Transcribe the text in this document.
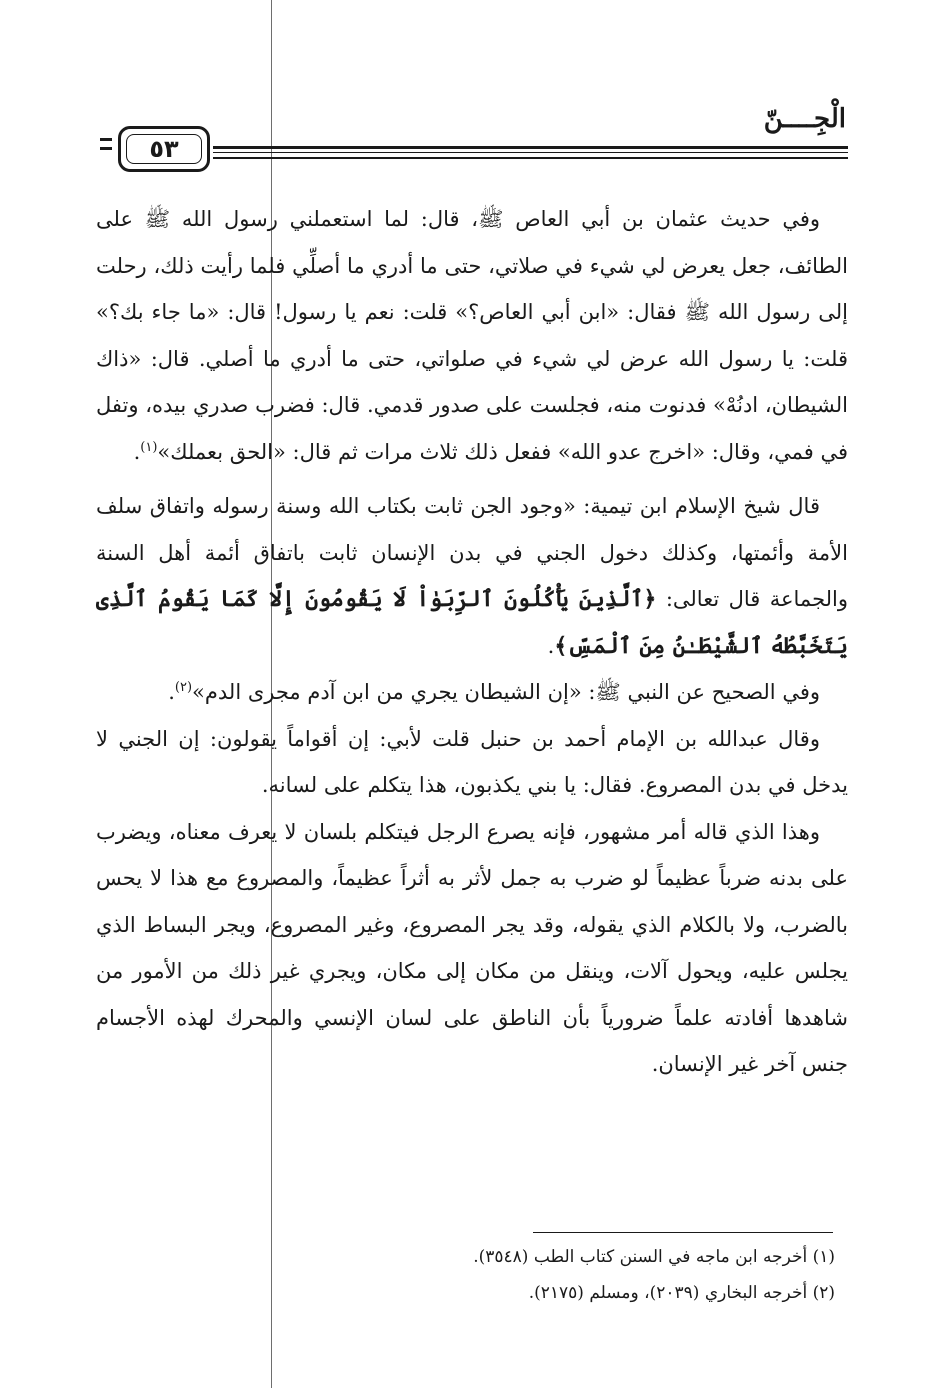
٥٣
الْجِــــنّ

وفي حديث عثمان بن أبي العاص ﷺ، قال: لما استعملني رسول الله ﷺ على الطائف، جعل يعرض لي شيء في صلاتي، حتى ما أدري ما أصلِّي فلما رأيت ذلك، رحلت إلى رسول الله ﷺ فقال: «ابن أبي العاص؟» قلت: نعم يا رسول! قال: «ما جاء بك؟» قلت: يا رسول الله عرض لي شيء في صلواتي، حتى ما أدري ما أصلي. قال: «ذاك الشيطان، ادنُهْ» فدنوت منه، فجلست على صدور قدمي. قال: فضرب صدري بيده، وتفل في فمي، وقال: «اخرج عدو الله» ففعل ذلك ثلاث مرات ثم قال: «الحق بعملك»$^{(١)}$.

قال شيخ الإسلام ابن تيمية: «وجود الجن ثابت بكتاب الله وسنة رسوله واتفاق سلف الأمة وأئمتها، وكذلك دخول الجني في بدن الإنسان ثابت باتفاق أئمة أهل السنة والجماعة قال تعالى: ﴿ٱلَّذِينَ يَأْكُلُونَ ٱلرِّبَوٰاْ لَا يَقُومُونَ إِلَّا كَمَا يَقُومُ ٱلَّذِى يَتَخَبَّطُهُ ٱلشَّيْطَـٰنُ مِنَ ٱلْمَسِّ﴾.

وفي الصحيح عن النبي ﷺ: «إن الشيطان يجري من ابن آدم مجرى الدم»$^{(٢)}$.

وقال عبدالله بن الإمام أحمد بن حنبل قلت لأبي: إن أقواماً يقولون: إن الجني لا يدخل في بدن المصروع. فقال: يا بني يكذبون، هذا يتكلم على لسانه.

وهذا الذي قاله أمر مشهور، فإنه يصرع الرجل فيتكلم بلسان لا يعرف معناه، ويضرب على بدنه ضرباً عظيماً لو ضرب به جمل لأثر به أثراً عظيماً، والمصروع مع هذا لا يحس بالضرب، ولا بالكلام الذي يقوله، وقد يجر المصروع، وغير المصروع، ويجر البساط الذي يجلس عليه، ويحول آلات، وينقل من مكان إلى مكان، ويجري غير ذلك من الأمور من شاهدها أفادته علماً ضرورياً بأن الناطق على لسان الإنسي والمحرك لهذه الأجسام جنس آخر غير الإنسان.

(١) أخرجه ابن ماجه في السنن كتاب الطب (٣٥٤٨).
(٢) أخرجه البخاري (٢٠٣٩)، ومسلم (٢١٧٥).
